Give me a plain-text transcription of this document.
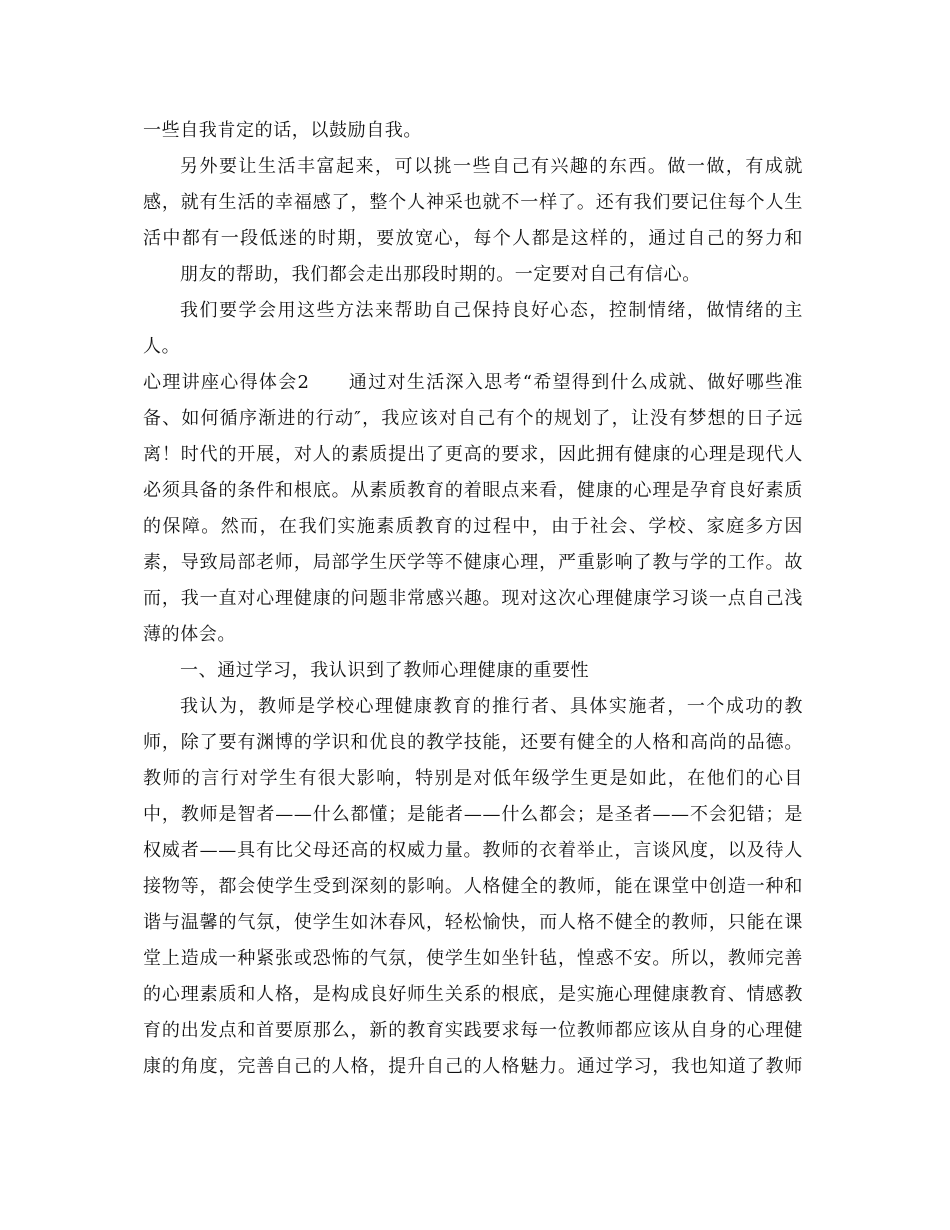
一些自我肯定的话，以鼓励自我。
另外要让生活丰富起来，可以挑一些自己有兴趣的东西。做一做，有成就
感，就有生活的幸福感了，整个人神采也就不一样了。还有我们要记住每个人生
活中都有一段低迷的时期，要放宽心，每个人都是这样的，通过自己的努力和
朋友的帮助，我们都会走出那段时期的。一定要对自己有信心。
我们要学会用这些方法来帮助自己保持良好心态，控制情绪，做情绪的主
人。
心理讲座心得体会2　　通过对生活深入思考“希望得到什么成就、做好哪些准
备、如何循序渐进的行动″，我应该对自己有个的规划了，让没有梦想的日子远
离！时代的开展，对人的素质提出了更高的要求，因此拥有健康的心理是现代人
必须具备的条件和根底。从素质教育的着眼点来看，健康的心理是孕育良好素质
的保障。然而，在我们实施素质教育的过程中，由于社会、学校、家庭多方因
素，导致局部老师，局部学生厌学等不健康心理，严重影响了教与学的工作。故
而，我一直对心理健康的问题非常感兴趣。现对这次心理健康学习谈一点自己浅
薄的体会。
一、通过学习，我认识到了教师心理健康的重要性
我认为，教师是学校心理健康教育的推行者、具体实施者，一个成功的教
师，除了要有渊博的学识和优良的教学技能，还要有健全的人格和高尚的品德。
教师的言行对学生有很大影响，特别是对低年级学生更是如此，在他们的心目
中，教师是智者——什么都懂；是能者——什么都会；是圣者——不会犯错；是
权威者——具有比父母还高的权威力量。教师的衣着举止，言谈风度，以及待人
接物等，都会使学生受到深刻的影响。人格健全的教师，能在课堂中创造一种和
谐与温馨的气氛，使学生如沐春风，轻松愉快，而人格不健全的教师，只能在课
堂上造成一种紧张或恐怖的气氛，使学生如坐针毡，惶惑不安。所以，教师完善
的心理素质和人格，是构成良好师生关系的根底，是实施心理健康教育、情感教
育的出发点和首要原那么，新的教育实践要求每一位教师都应该从自身的心理健
康的角度，完善自己的人格，提升自己的人格魅力。通过学习，我也知道了教师
